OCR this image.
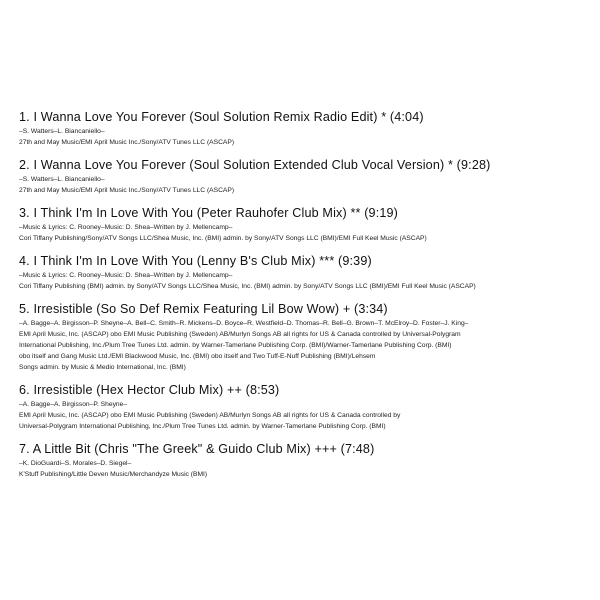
1. I Wanna Love You Forever (Soul Solution Remix Radio Edit) * (4:04)
–S. Watters–L. Biancaniello–
27th and May Music/EMI April Music Inc./Sony/ATV Tunes LLC (ASCAP)
2. I Wanna Love You Forever (Soul Solution Extended Club Vocal Version) * (9:28)
–S. Watters–L. Biancaniello–
27th and May Music/EMI April Music Inc./Sony/ATV Tunes LLC (ASCAP)
3. I Think I'm In Love With You (Peter Rauhofer Club Mix) ** (9:19)
–Music & Lyrics: C. Rooney–Music: D. Shea–Written by J. Mellencamp–
Cori Tiffany Publishing/Sony/ATV Songs LLC/Shea Music, Inc. (BMI) admin. by Sony/ATV Songs LLC (BMI)/EMI Full Keel Music (ASCAP)
4. I Think I'm In Love With You (Lenny B's Club Mix) *** (9:39)
–Music & Lyrics: C. Rooney–Music: D. Shea–Written by J. Mellencamp–
Cori Tiffany Publishing (BMI) admin. by Sony/ATV Songs LLC/Shea Music, Inc. (BMI) admin. by Sony/ATV Songs LLC (BMI)/EMI Full Keel Music (ASCAP)
5. Irresistible (So So Def Remix Featuring Lil Bow Wow) + (3:34)
–A. Bagge–A. Birgisson–P. Sheyne–A. Bell–C. Smith–R. Mickens–D. Boyce–R. Westfield–D. Thomas–R. Bell–G. Brown–T. McElroy–D. Foster–J. King–
EMI April Music, Inc. (ASCAP) obo EMI Music Publishing (Sweden) AB/Murlyn Songs AB all rights for US & Canada controlled by Universal-Polygram
International Publishing, Inc./Plum Tree Tunes Ltd. admin. by Warner-Tamerlane Publishing Corp. (BMI)/Warner-Tamerlane Publishing Corp. (BMI)
obo itself and Gang Music Ltd./EMI Blackwood Music, Inc. (BMI) obo itself and Two Tuff-E-Nuff Publishing (BMI)/Lehsem
Songs admin. by Music & Medio International, Inc. (BMI)
6. Irresistible (Hex Hector Club Mix) ++ (8:53)
–A. Bagge–A. Birgisson–P. Sheyne–
EMI April Music, Inc. (ASCAP) obo EMI Music Publishing (Sweden) AB/Murlyn Songs AB all rights for US & Canada controlled by
Universal-Polygram International Publishing, Inc./Plum Tree Tunes Ltd. admin. by Warner-Tamerlane Publishing Corp. (BMI)
7. A Little Bit (Chris "The Greek" & Guido Club Mix) +++ (7:48)
–K. DioGuardi–S. Morales–D. Siegel–
K'Stuff Publishing/Little Deven Music/Merchandyze Music (BMI)
